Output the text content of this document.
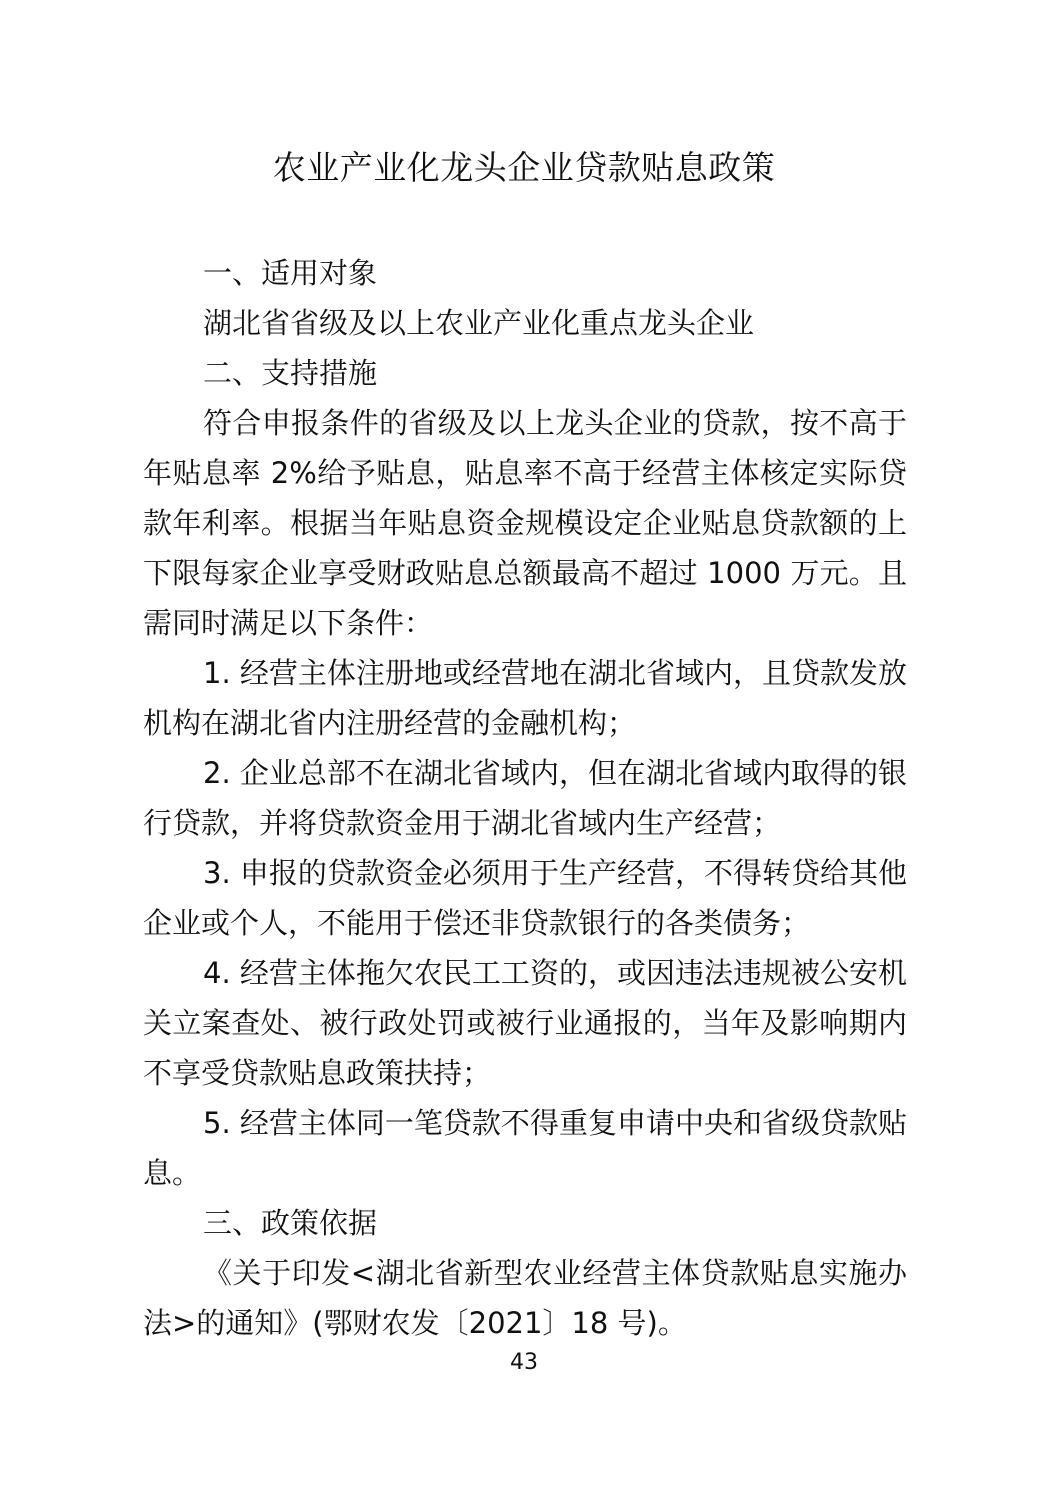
农业产业化龙头企业贷款贴息政策

一、适用对象

湖北省省级及以上农业产业化重点龙头企业

二、支持措施

符合申报条件的省级及以上龙头企业的贷款，按不高于年贴息率 2%给予贴息，贴息率不高于经营主体核定实际贷款年利率。根据当年贴息资金规模设定企业贴息贷款额的上下限每家企业享受财政贴息总额最高不超过 1000 万元。且需同时满足以下条件：

1. 经营主体注册地或经营地在湖北省域内，且贷款发放机构在湖北省内注册经营的金融机构；

2. 企业总部不在湖北省域内，但在湖北省域内取得的银行贷款，并将贷款资金用于湖北省域内生产经营；

3. 申报的贷款资金必须用于生产经营，不得转贷给其他企业或个人，不能用于偿还非贷款银行的各类债务；

4. 经营主体拖欠农民工工资的，或因违法违规被公安机关立案查处、被行政处罚或被行业通报的，当年及影响期内不享受贷款贴息政策扶持；

5. 经营主体同一笔贷款不得重复申请中央和省级贷款贴息。

三、政策依据

《关于印发<湖北省新型农业经营主体贷款贴息实施办法>的通知》(鄂财农发〔2021〕18 号)。

43
